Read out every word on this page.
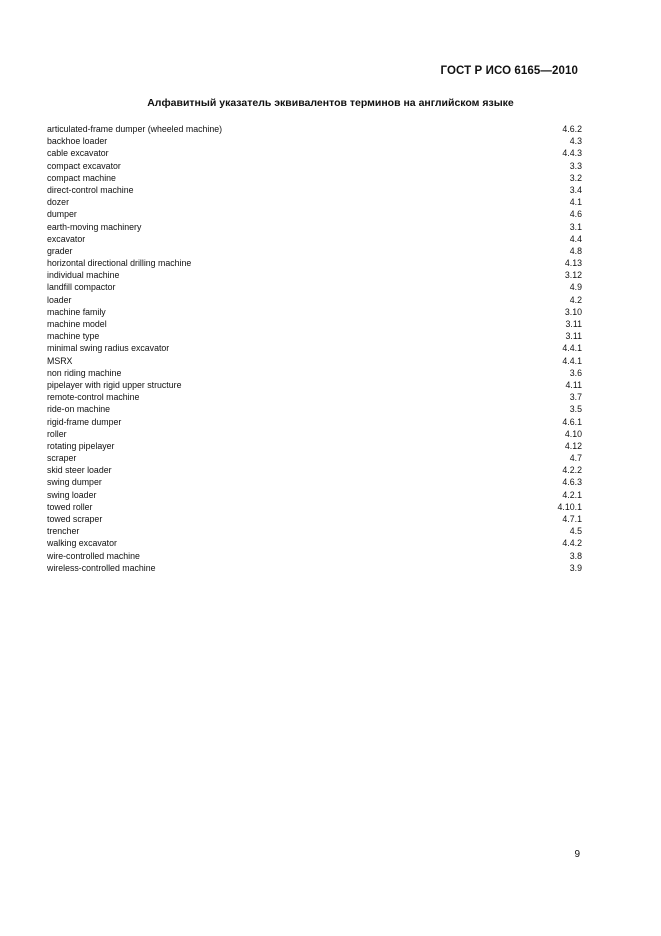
ГОСТ Р ИСО 6165—2010
Алфавитный указатель эквивалентов терминов на английском языке
articulated-frame dumper (wheeled machine)	4.6.2
backhoe loader	4.3
cable excavator	4.4.3
compact excavator	3.3
compact machine	3.2
direct-control machine	3.4
dozer	4.1
dumper	4.6
earth-moving machinery	3.1
excavator	4.4
grader	4.8
horizontal directional drilling machine	4.13
individual machine	3.12
landfill compactor	4.9
loader	4.2
machine family	3.10
machine model	3.11
machine type	3.11
minimal swing radius excavator	4.4.1
MSRX	4.4.1
non riding machine	3.6
pipelayer with rigid upper structure	4.11
remote-control machine	3.7
ride-on machine	3.5
rigid-frame dumper	4.6.1
roller	4.10
rotating pipelayer	4.12
scraper	4.7
skid steer loader	4.2.2
swing dumper	4.6.3
swing loader	4.2.1
towed roller	4.10.1
towed scraper	4.7.1
trencher	4.5
walking excavator	4.4.2
wire-controlled machine	3.8
wireless-controlled machine	3.9
9
